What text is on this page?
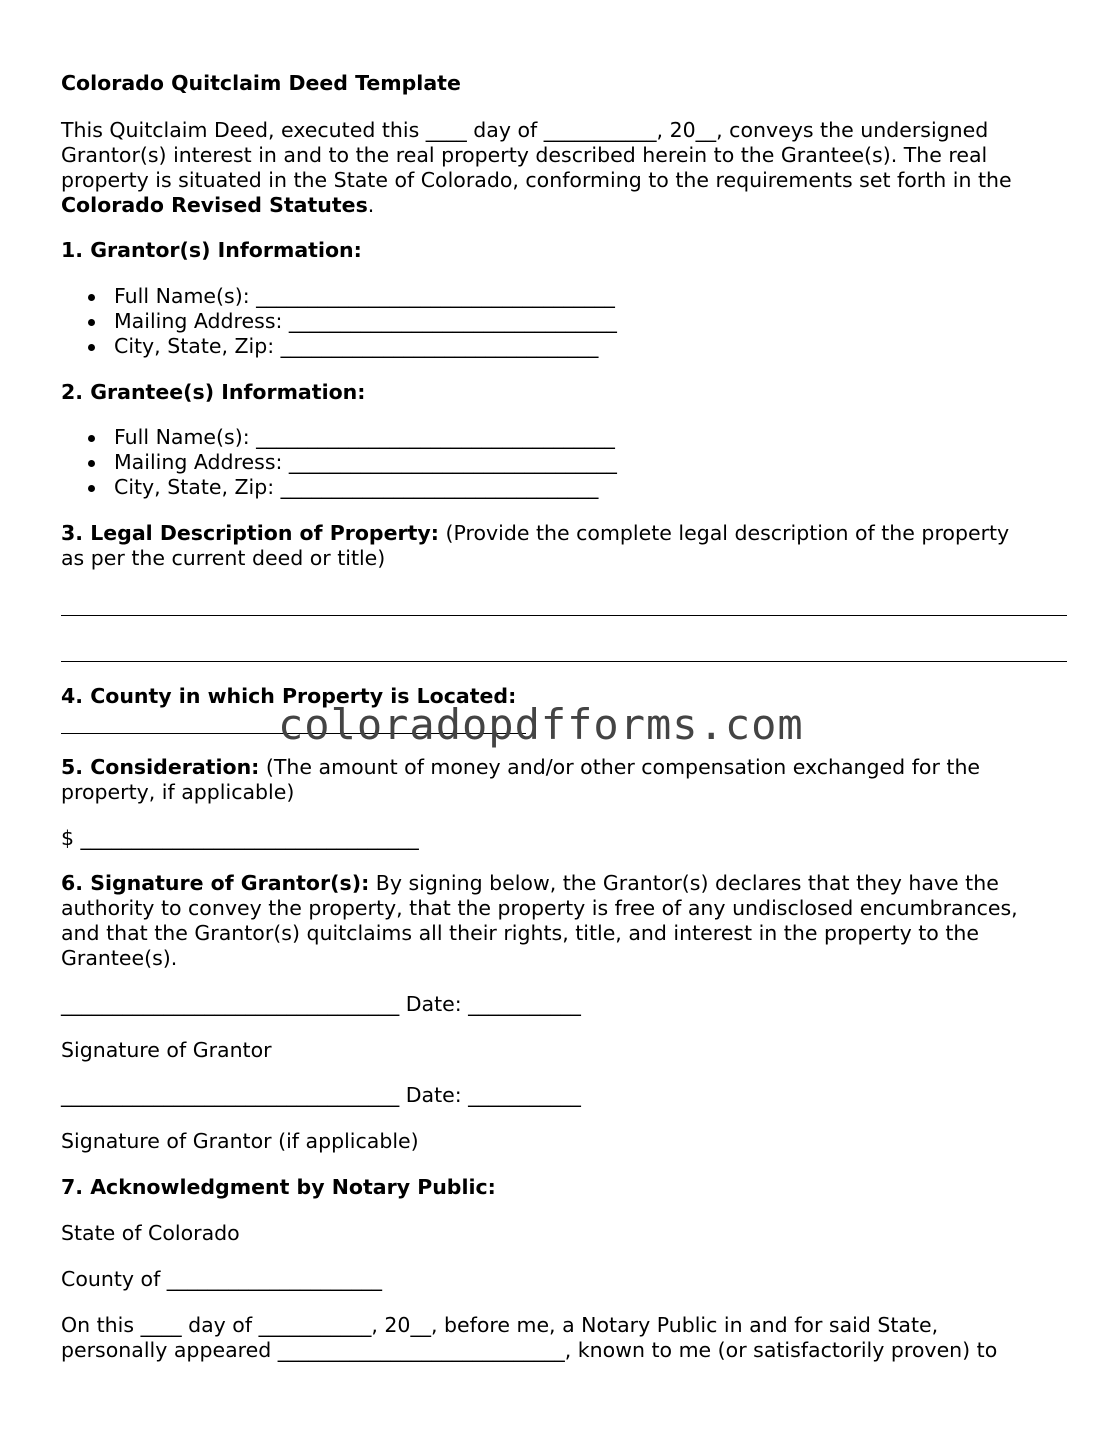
Colorado Quitclaim Deed Template
This Quitclaim Deed, executed this ____ day of ___________, 20__, conveys the undersigned
Grantor(s) interest in and to the real property described herein to the Grantee(s). The real
property is situated in the State of Colorado, conforming to the requirements set forth in the
Colorado Revised Statutes.
1. Grantor(s) Information:
Full Name(s): ___________________________________
Mailing Address: ________________________________
City, State, Zip: _______________________________
2. Grantee(s) Information:
Full Name(s): ___________________________________
Mailing Address: ________________________________
City, State, Zip: _______________________________
3. Legal Description of Property: (Provide the complete legal description of the property
as per the current deed or title)
4. County in which Property is Located:
5. Consideration: (The amount of money and/or other compensation exchanged for the
property, if applicable)
$ _________________________________
6. Signature of Grantor(s): By signing below, the Grantor(s) declares that they have the
authority to convey the property, that the property is free of any undisclosed encumbrances,
and that the Grantor(s) quitclaims all their rights, title, and interest in the property to the
Grantee(s).
_________________________________ Date: ___________
Signature of Grantor
_________________________________ Date: ___________
Signature of Grantor (if applicable)
7. Acknowledgment by Notary Public:
State of Colorado
County of _____________________
On this ____ day of ___________, 20__, before me, a Notary Public in and for said State,
personally appeared ____________________________, known to me (or satisfactorily proven) to
coloradopdfforms.com
